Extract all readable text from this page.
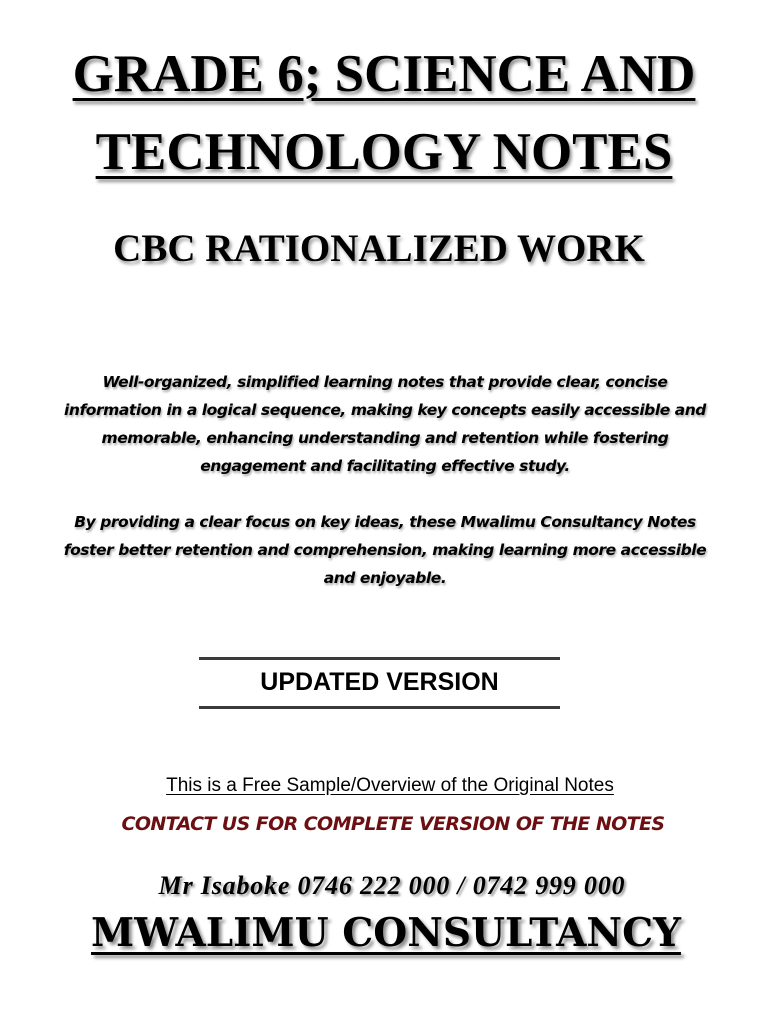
GRADE 6; SCIENCE AND
TECHNOLOGY NOTES
CBC RATIONALIZED WORK

Well-organized, simplified learning notes that provide clear, concise information in a logical sequence, making key concepts easily accessible and memorable, enhancing understanding and retention while fostering engagement and facilitating effective study.

By providing a clear focus on key ideas, these Mwalimu Consultancy Notes foster better retention and comprehension, making learning more accessible and enjoyable.

UPDATED VERSION

This is a Free Sample/Overview of the Original Notes

CONTACT US FOR COMPLETE VERSION OF THE NOTES

Mr Isaboke 0746 222 000 / 0742 999 000

MWALIMU CONSULTANCY
